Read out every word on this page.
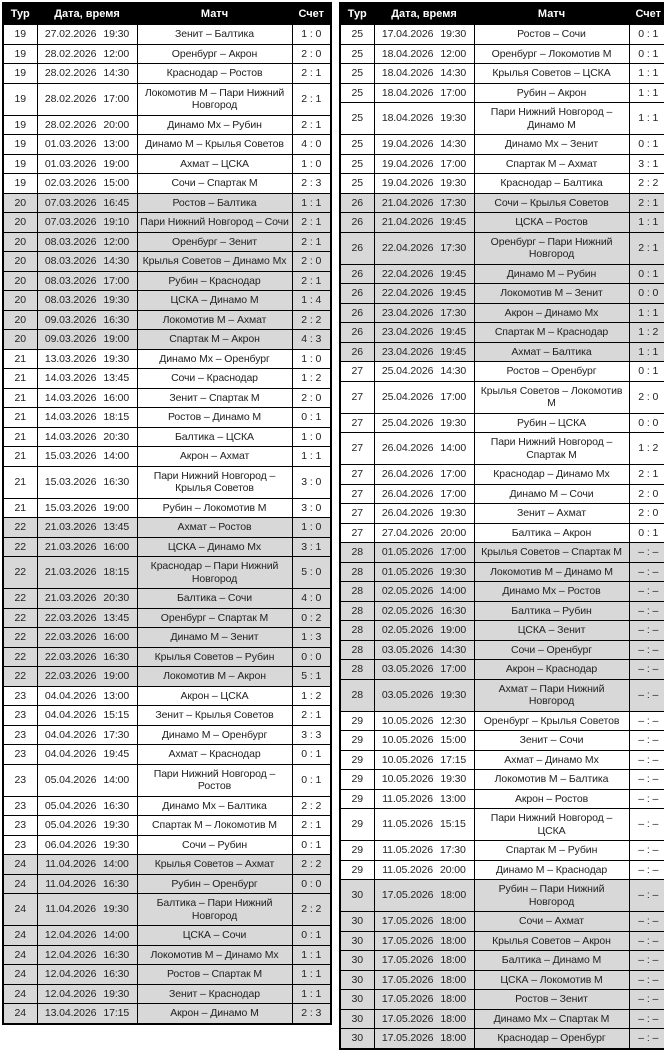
Тур	Дата, время	Матч	Счет
19	27.02.2026 19:30	Зенит – Балтика	1 : 0
19	28.02.2026 12:00	Оренбург – Акрон	2 : 0
19	28.02.2026 14:30	Краснодар – Ростов	2 : 1
19	28.02.2026 17:00	Локомотив М – Пари Нижний Новгород	2 : 1
19	28.02.2026 20:00	Динамо Мх – Рубин	2 : 1
19	01.03.2026 13:00	Динамо М – Крылья Советов	4 : 0
19	01.03.2026 19:00	Ахмат – ЦСКА	1 : 0
19	02.03.2026 15:00	Сочи – Спартак М	2 : 3
20	07.03.2026 16:45	Ростов – Балтика	1 : 1
20	07.03.2026 19:10	Пари Нижний Новгород – Сочи	2 : 1
20	08.03.2026 12:00	Оренбург – Зенит	2 : 1
20	08.03.2026 14:30	Крылья Советов – Динамо Мх	2 : 0
20	08.03.2026 17:00	Рубин – Краснодар	2 : 1
20	08.03.2026 19:30	ЦСКА – Динамо М	1 : 4
20	09.03.2026 16:30	Локомотив М – Ахмат	2 : 2
20	09.03.2026 19:00	Спартак М – Акрон	4 : 3
21	13.03.2026 19:30	Динамо Мх – Оренбург	1 : 0
21	14.03.2026 13:45	Сочи – Краснодар	1 : 2
21	14.03.2026 16:00	Зенит – Спартак М	2 : 0
21	14.03.2026 18:15	Ростов – Динамо М	0 : 1
21	14.03.2026 20:30	Балтика – ЦСКА	1 : 0
21	15.03.2026 14:00	Акрон – Ахмат	1 : 1
21	15.03.2026 16:30	Пари Нижний Новгород – Крылья Советов	3 : 0
21	15.03.2026 19:00	Рубин – Локомотив М	3 : 0
22	21.03.2026 13:45	Ахмат – Ростов	1 : 0
22	21.03.2026 16:00	ЦСКА – Динамо Мх	3 : 1
22	21.03.2026 18:15	Краснодар – Пари Нижний Новгород	5 : 0
22	21.03.2026 20:30	Балтика – Сочи	4 : 0
22	22.03.2026 13:45	Оренбург – Спартак М	0 : 2
22	22.03.2026 16:00	Динамо М – Зенит	1 : 3
22	22.03.2026 16:30	Крылья Советов – Рубин	0 : 0
22	22.03.2026 19:00	Локомотив М – Акрон	5 : 1
23	04.04.2026 13:00	Акрон – ЦСКА	1 : 2
23	04.04.2026 15:15	Зенит – Крылья Советов	2 : 1
23	04.04.2026 17:30	Динамо М – Оренбург	3 : 3
23	04.04.2026 19:45	Ахмат – Краснодар	0 : 1
23	05.04.2026 14:00	Пари Нижний Новгород – Ростов	0 : 1
23	05.04.2026 16:30	Динамо Мх – Балтика	2 : 2
23	05.04.2026 19:30	Спартак М – Локомотив М	2 : 1
23	06.04.2026 19:30	Сочи – Рубин	0 : 1
24	11.04.2026 14:00	Крылья Советов – Ахмат	2 : 2
24	11.04.2026 16:30	Рубин – Оренбург	0 : 0
24	11.04.2026 19:30	Балтика – Пари Нижний Новгород	2 : 2
24	12.04.2026 14:00	ЦСКА – Сочи	0 : 1
24	12.04.2026 16:30	Локомотив М – Динамо Мх	1 : 1
24	12.04.2026 16:30	Ростов – Спартак М	1 : 1
24	12.04.2026 19:30	Зенит – Краснодар	1 : 1
24	13.04.2026 17:15	Акрон – Динамо М	2 : 3
Тур	Дата, время	Матч	Счет
25	17.04.2026 19:30	Ростов – Сочи	0 : 1
25	18.04.2026 12:00	Оренбург – Локомотив М	0 : 1
25	18.04.2026 14:30	Крылья Советов – ЦСКА	1 : 1
25	18.04.2026 17:00	Рубин – Акрон	1 : 1
25	18.04.2026 19:30	Пари Нижний Новгород – Динамо М	1 : 1
25	19.04.2026 14:30	Динамо Мх – Зенит	0 : 1
25	19.04.2026 17:00	Спартак М – Ахмат	3 : 1
25	19.04.2026 19:30	Краснодар – Балтика	2 : 2
26	21.04.2026 17:30	Сочи – Крылья Советов	2 : 1
26	21.04.2026 19:45	ЦСКА – Ростов	1 : 1
26	22.04.2026 17:30	Оренбург – Пари Нижний Новгород	2 : 1
26	22.04.2026 19:45	Динамо М – Рубин	0 : 1
26	22.04.2026 19:45	Локомотив М – Зенит	0 : 0
26	23.04.2026 17:30	Акрон – Динамо Мх	1 : 1
26	23.04.2026 19:45	Спартак М – Краснодар	1 : 2
26	23.04.2026 19:45	Ахмат – Балтика	1 : 1
27	25.04.2026 14:30	Ростов – Оренбург	0 : 1
27	25.04.2026 17:00	Крылья Советов – Локомотив М	2 : 0
27	25.04.2026 19:30	Рубин – ЦСКА	0 : 0
27	26.04.2026 14:00	Пари Нижний Новгород – Спартак М	1 : 2
27	26.04.2026 17:00	Краснодар – Динамо Мх	2 : 1
27	26.04.2026 17:00	Динамо М – Сочи	2 : 0
27	26.04.2026 19:30	Зенит – Ахмат	2 : 0
27	27.04.2026 20:00	Балтика – Акрон	0 : 1
28	01.05.2026 17:00	Крылья Советов – Спартак М	– : –
28	01.05.2026 19:30	Локомотив М – Динамо М	– : –
28	02.05.2026 14:00	Динамо Мх – Ростов	– : –
28	02.05.2026 16:30	Балтика – Рубин	– : –
28	02.05.2026 19:00	ЦСКА – Зенит	– : –
28	03.05.2026 14:30	Сочи – Оренбург	– : –
28	03.05.2026 17:00	Акрон – Краснодар	– : –
28	03.05.2026 19:30	Ахмат – Пари Нижний Новгород	– : –
29	10.05.2026 12:30	Оренбург – Крылья Советов	– : –
29	10.05.2026 15:00	Зенит – Сочи	– : –
29	10.05.2026 17:15	Ахмат – Динамо Мх	– : –
29	10.05.2026 19:30	Локомотив М – Балтика	– : –
29	11.05.2026 13:00	Акрон – Ростов	– : –
29	11.05.2026 15:15	Пари Нижний Новгород – ЦСКА	– : –
29	11.05.2026 17:30	Спартак М – Рубин	– : –
29	11.05.2026 20:00	Динамо М – Краснодар	– : –
30	17.05.2026 18:00	Рубин – Пари Нижний Новгород	– : –
30	17.05.2026 18:00	Сочи – Ахмат	– : –
30	17.05.2026 18:00	Крылья Советов – Акрон	– : –
30	17.05.2026 18:00	Балтика – Динамо М	– : –
30	17.05.2026 18:00	ЦСКА – Локомотив М	– : –
30	17.05.2026 18:00	Ростов – Зенит	– : –
30	17.05.2026 18:00	Динамо Мх – Спартак М	– : –
30	17.05.2026 18:00	Краснодар – Оренбург	– : –
